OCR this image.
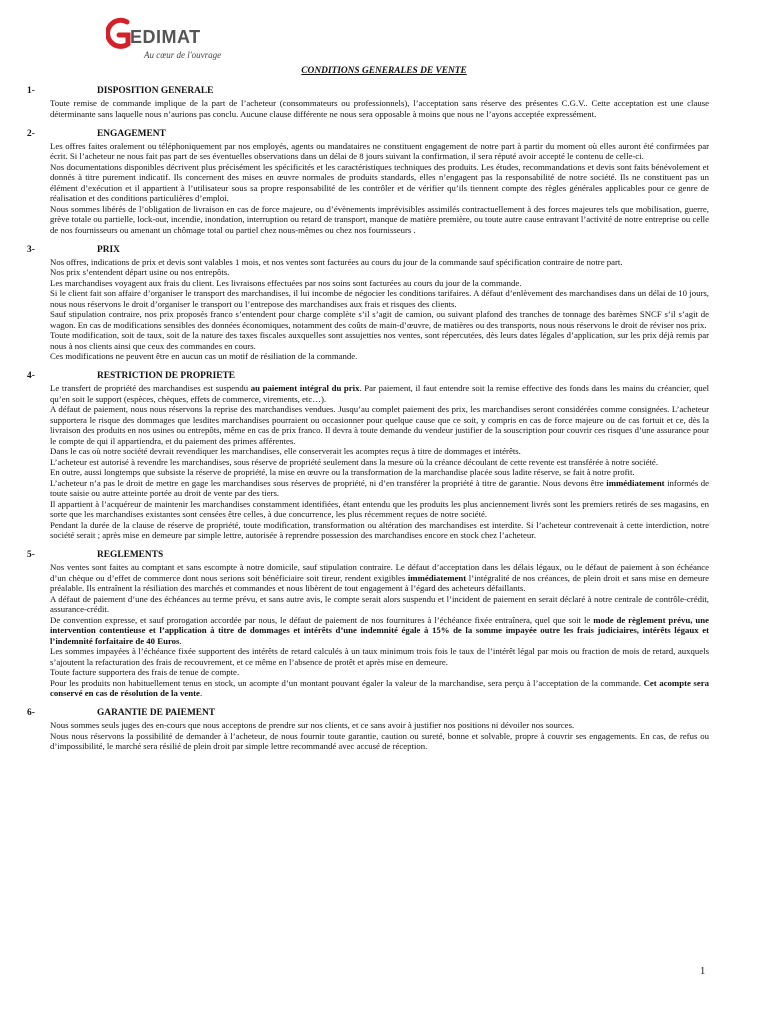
EDIMAT
Au cœur de l'ouvrage
CONDITIONS GENERALES DE VENTE
1-	DISPOSITION GENERALE

Toute remise de commande implique de la part de l’acheteur (consommateurs ou professionnels), l’acceptation sans réserve des présentes C.G.V.. Cette acceptation est une clause déterminante sans laquelle nous n’aurions pas conclu. Aucune clause différente ne nous sera opposable à moins que nous ne l’ayons acceptée expressément.

2-	ENGAGEMENT

Les offres faites oralement ou téléphoniquement par nos employés, agents ou mandataires ne constituent engagement de notre part à partir du moment où elles auront été confirmées par écrit. Si l’acheteur ne nous fait pas part de ses éventuelles observations dans un délai de 8 jours suivant la confirmation, il sera réputé avoir accepté le contenu de celle-ci.

Nos documentations disponibles décrivent plus précisément les spécificités et les caractéristiques techniques des produits. Les études, recommandations et devis sont faits bénévolement et donnés à titre purement indicatif. Ils concernent des mises en œuvre normales de produits standards, elles n’engagent pas la responsabilité de notre société. Ils ne constituent pas un élément d’exécution et il appartient à l’utilisateur sous sa propre responsabilité de les contrôler et de vérifier qu’ils tiennent compte des règles générales applicables pour ce genre de réalisation et des conditions particulières d’emploi.

Nous sommes libérés de l’obligation de livraison en cas de force majeure, ou d’évènements imprévisibles assimilés contractuellement à des forces majeures tels que mobilisation, guerre, grève totale ou partielle, lock-out, incendie, inondation, interruption ou retard de transport, manque de matière première, ou toute autre cause entravant l’activité de notre entreprise ou celle de nos fournisseurs ou amenant un chômage total ou partiel chez nous-mêmes ou chez nos fournisseurs .

3-	PRIX

Nos offres, indications de prix et devis sont valables 1 mois, et nos ventes sont facturées au cours du jour de la commande sauf spécification contraire de notre part.

Nos prix s’entendent départ usine ou nos entrepôts.

Les marchandises voyagent aux frais du client. Les livraisons effectuées par nos soins sont facturées au cours du jour de la commande.

Si le client fait son affaire d’organiser le transport des marchandises, il lui incombe de négocier les conditions tarifaires. A défaut d’enlèvement des marchandises dans un délai de 10 jours, nous nous réservons le droit d’organiser le transport ou l’entrepose des marchandises aux frais et risques des clients.

Sauf stipulation contraire, nos prix proposés franco s’entendent pour charge complète s’il s’agit de camion, ou suivant plafond des tranches de tonnage des barèmes SNCF s’il s’agit de wagon. En cas de modifications sensibles des données économiques, notamment des coûts de main-d’œuvre, de matières ou des transports, nous nous réservons le droit de réviser nos prix.

Toute modification, soit de taux, soit de la nature des taxes fiscales auxquelles sont assujetties nos ventes, sont répercutées, dès leurs dates légales d’application, sur les prix déjà remis par nous à nos clients ainsi que ceux des commandes en cours.

Ces modifications ne peuvent être en aucun cas un motif de résiliation de la commande.

4-	RESTRICTION DE PROPRIETE

Le transfert de propriété des marchandises est suspendu au paiement intégral du prix. Par paiement, il faut entendre soit la remise effective des fonds dans les mains du créancier, quel qu’en soit le support (espèces, chèques, effets de commerce, virements, etc…).

A défaut de paiement, nous nous réservons la reprise des marchandises vendues. Jusqu’au complet paiement des prix, les marchandises seront considérées comme consignées. L’acheteur supportera le risque des dommages que lesdites marchandises pourraient ou occasionner pour quelque cause que ce soit, y compris en cas de force majeure ou de cas fortuit et ce, dès la livraison des produits en nos usines ou entrepôts, même en cas de prix franco. Il devra à toute demande du vendeur justifier de la souscription pour couvrir ces risques d’une assurance pour le compte de qui il appartiendra, et du paiement des primes afférentes.

Dans le cas où notre société devrait revendiquer les marchandises, elle conserverait les acomptes reçus à titre de dommages et intérêts.

L’acheteur est autorisé à revendre les marchandises, sous réserve de propriété seulement dans la mesure où la créance découlant de cette revente est transférée à notre société.

En outre, aussi longtemps que subsiste la réserve de propriété, la mise en œuvre ou la transformation de la marchandise placée sous ladite réserve, se fait à notre profit.

L’acheteur n’a pas le droit de mettre en gage les marchandises sous réserves de propriété, ni d’en transférer la propriété à titre de garantie. Nous devons être immédiatement informés de toute saisie ou autre atteinte portée au droit de vente par des tiers.

Il appartient à l’acquéreur de maintenir les marchandises constamment identifiées, étant entendu que les produits les plus anciennement livrés sont les premiers retirés de ses magasins, en sorte que les marchandises existantes sont censées être celles, à due concurrence, les plus récemment reçues de notre société.

Pendant la durée de la clause de réserve de propriété, toute modification, transformation ou altération des marchandises est interdite. Si l’acheteur contrevenait à cette interdiction, notre société serait ; après mise en demeure par simple lettre, autorisée à reprendre possession des marchandises encore en stock chez l’acheteur.

5-	REGLEMENTS

Nos ventes sont faites au comptant et sans escompte à notre domicile, sauf stipulation contraire. Le défaut d’acceptation dans les délais légaux, ou le défaut de paiement à son échéance d’un chèque ou d’effet de commerce dont nous serions soit bénéficiaire soit tireur, rendent exigibles immédiatement l’intégralité de nos créances, de plein droit et sans mise en demeure préalable. Ils entraînent la résiliation des marchés et commandes et nous libèrent de tout engagement à l’égard des acheteurs défaillants.

A défaut de paiement d’une des échéances au terme prévu, et sans autre avis, le compte serait alors suspendu et l’incident de paiement en serait déclaré à notre centrale de contrôle-crédit, assurance-crédit.

De convention expresse, et sauf prorogation accordée par nous, le défaut de paiement de nos fournitures à l’échéance fixée entraînera, quel que soit le mode de règlement prévu, une intervention contentieuse et l’application à titre de dommages et intérêts d’une indemnité égale à 15% de la somme impayée outre les frais judiciaires, intérêts légaux et l’indemnité forfaitaire de 40 Euros.

Les sommes impayées à l’échéance fixée supportent des intérêts de retard calculés à un taux minimum trois fois le taux de l’intérêt légal par mois ou fraction de mois de retard, auxquels s’ajoutent la refacturation des frais de recouvrement, et ce même en l’absence de protêt et après mise en demeure.

Toute facture supportera des frais de tenue de compte.

Pour les produits non habituellement tenus en stock, un acompte d’un montant pouvant égaler la valeur de la marchandise, sera perçu à l’acceptation de la commande. Cet acompte sera conservé en cas de résolution de la vente.

6-	GARANTIE DE PAIEMENT

Nous sommes seuls juges des en-cours que nous acceptons de prendre sur nos clients, et ce sans avoir à justifier nos positions ni dévoiler nos sources.

Nous nous réservons la possibilité de demander à l’acheteur, de nous fournir toute garantie, caution ou sureté, bonne et solvable, propre à couvrir ses engagements. En cas, de refus ou d’impossibilité, le marché sera résilié de plein droit par simple lettre recommandé avec accusé de réception.

1
